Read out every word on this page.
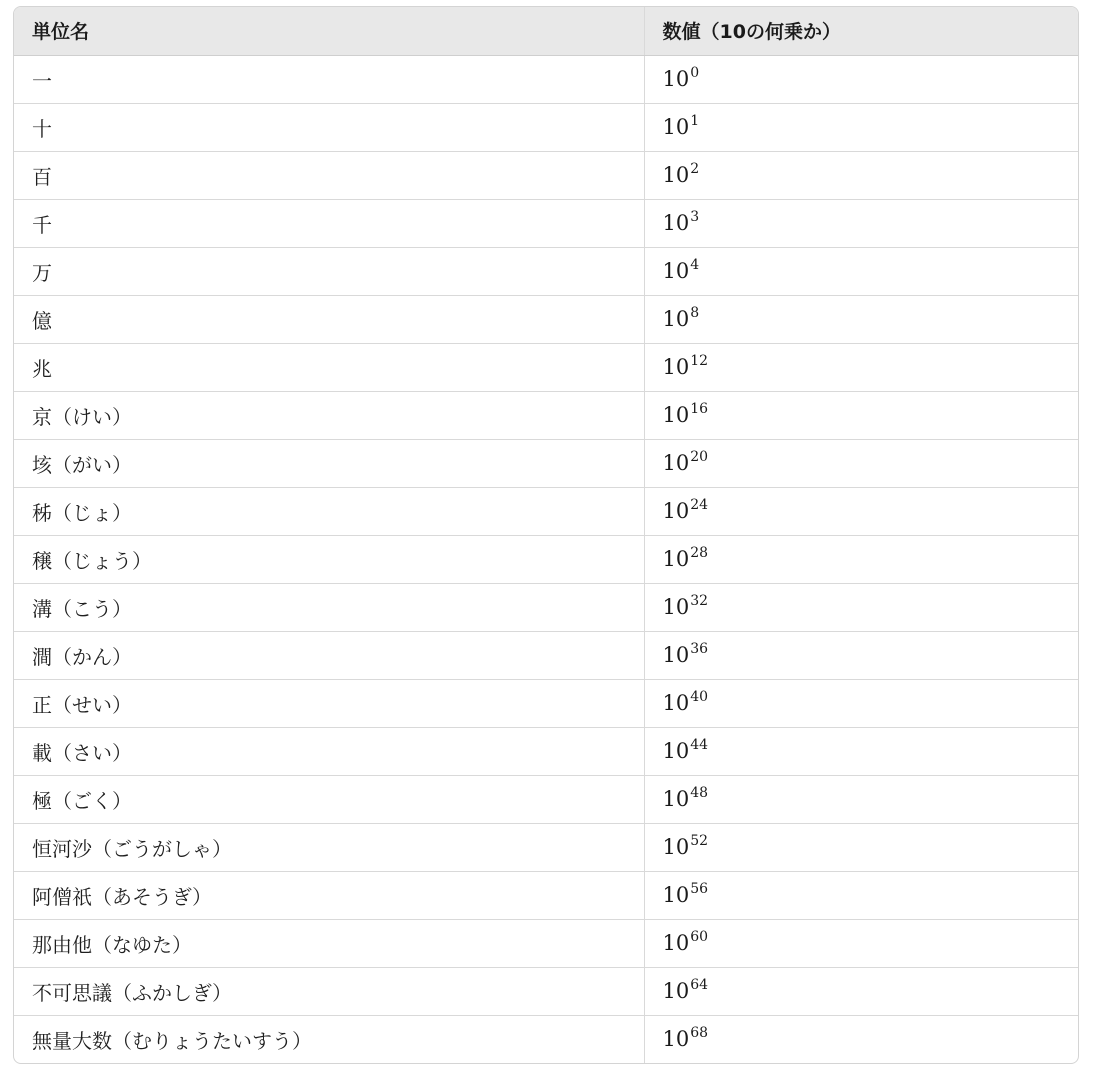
単位名	数値（10の何乗か）
一	$10^0$
十	$10^1$
百	$10^2$
千	$10^3$
万	$10^4$
億	$10^8$
兆	$10^{12}$
京（けい）	$10^{16}$
垓（がい）	$10^{20}$
秭（じょ）	$10^{24}$
穣（じょう）	$10^{28}$
溝（こう）	$10^{32}$
澗（かん）	$10^{36}$
正（せい）	$10^{40}$
載（さい）	$10^{44}$
極（ごく）	$10^{48}$
恒河沙（ごうがしゃ）	$10^{52}$
阿僧祇（あそうぎ）	$10^{56}$
那由他（なゆた）	$10^{60}$
不可思議（ふかしぎ）	$10^{64}$
無量大数（むりょうたいすう）	$10^{68}$
